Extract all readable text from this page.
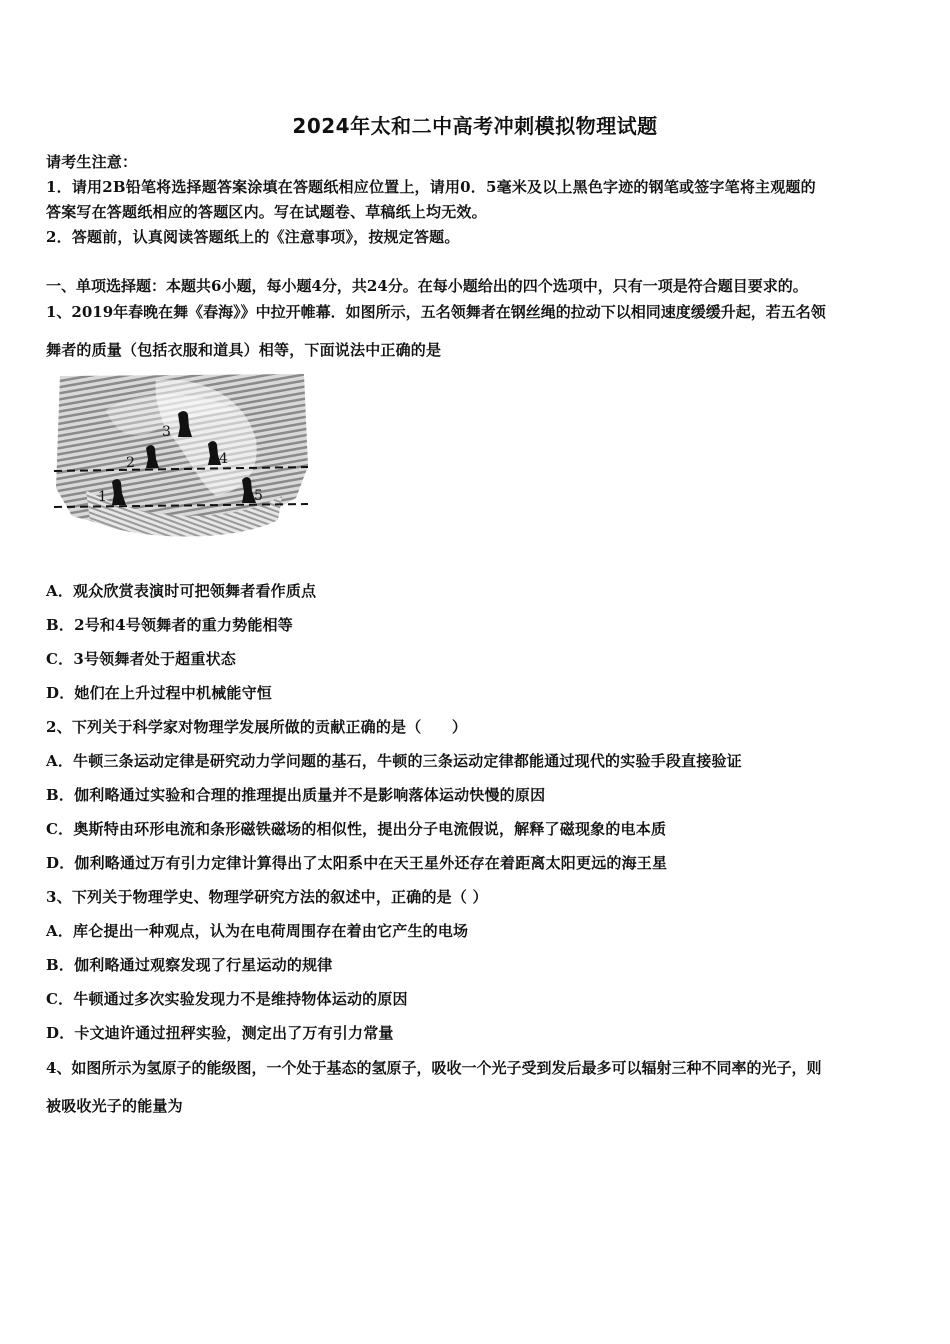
2024年太和二中高考冲刺模拟物理试题
请考生注意：
1．请用2B铅笔将选择题答案涂填在答题纸相应位置上，请用0．5毫米及以上黑色字迹的钢笔或签字笔将主观题的
答案写在答题纸相应的答题区内。写在试题卷、草稿纸上均无效。
2．答题前，认真阅读答题纸上的《注意事项》，按规定答题。
一、单项选择题：本题共6小题，每小题4分，共24分。在每小题给出的四个选项中，只有一项是符合题目要求的。
1、2019年春晚在舞《春海》》中拉开帷幕．如图所示，五名领舞者在钢丝绳的拉动下以相同速度缓缓升起，若五名领
舞者的质量（包括衣服和道具）相等，下面说法中正确的是
1
2
3
4
5
A．观众欣赏表演时可把领舞者看作质点
B．2号和4号领舞者的重力势能相等
C．3号领舞者处于超重状态
D．她们在上升过程中机械能守恒
2、下列关于科学家对物理学发展所做的贡献正确的是（　　）
A．牛顿三条运动定律是研究动力学问题的基石，牛顿的三条运动定律都能通过现代的实验手段直接验证
B．伽利略通过实验和合理的推理提出质量并不是影响落体运动快慢的原因
C．奥斯特由环形电流和条形磁铁磁场的相似性，提出分子电流假说，解释了磁现象的电本质
D．伽利略通过万有引力定律计算得出了太阳系中在天王星外还存在着距离太阳更远的海王星
3、下列关于物理学史、物理学研究方法的叙述中，正确的是（ ）
A．库仑提出一种观点，认为在电荷周围存在着由它产生的电场
B．伽利略通过观察发现了行星运动的规律
C．牛顿通过多次实验发现力不是维持物体运动的原因
D．卡文迪许通过扭秤实验，测定出了万有引力常量
4、如图所示为氢原子的能级图，一个处于基态的氢原子，吸收一个光子受到发后最多可以辐射三种不同率的光子，则
被吸收光子的能量为
